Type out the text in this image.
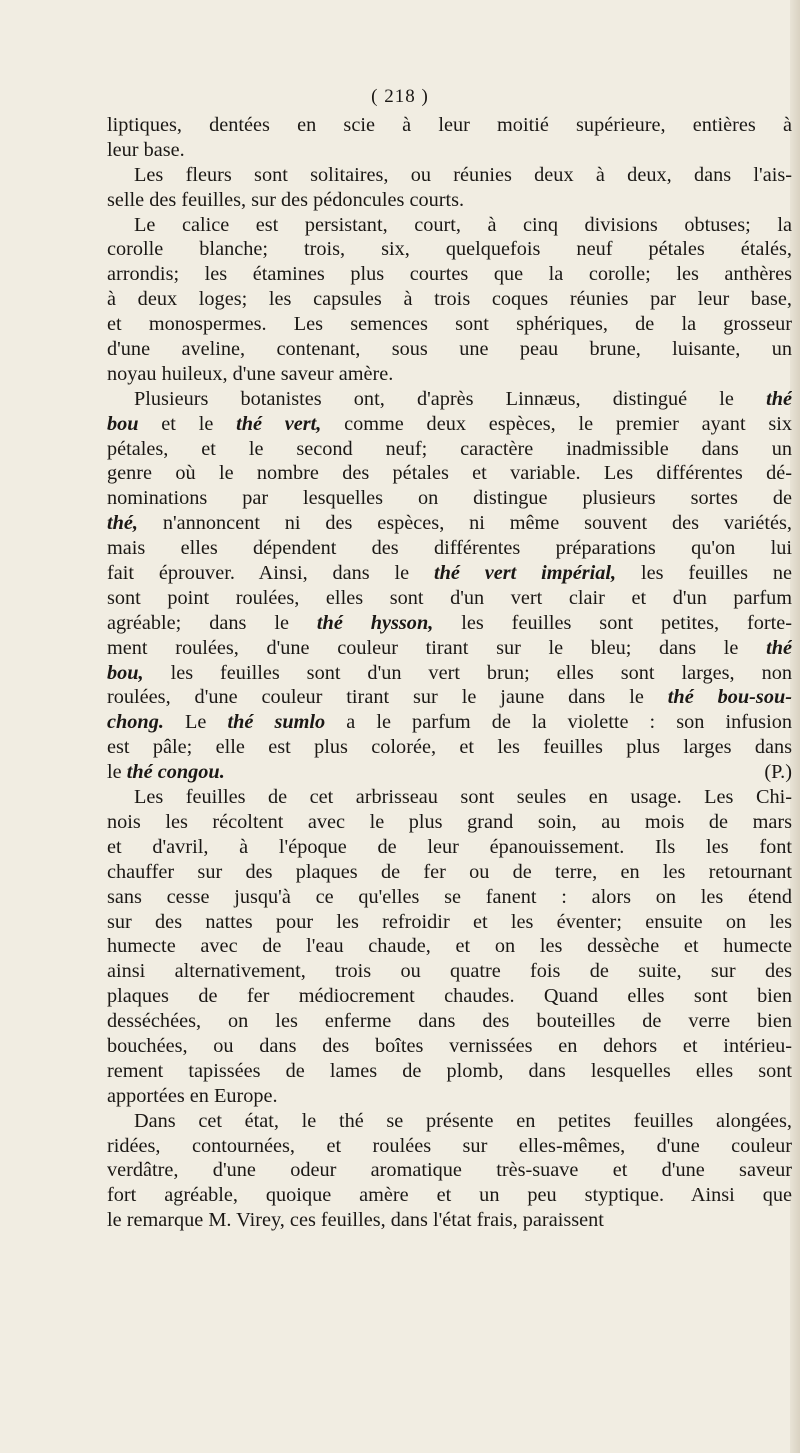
( 218 )
liptiques, dentées en scie à leur moitié supérieure, entières à
leur base.
Les fleurs sont solitaires, ou réunies deux à deux, dans l'ais-
selle des feuilles, sur des pédoncules courts.
Le calice est persistant, court, à cinq divisions obtuses; la
corolle blanche; trois, six, quelquefois neuf pétales étalés,
arrondis; les étamines plus courtes que la corolle; les anthères
à deux loges; les capsules à trois coques réunies par leur base,
et monospermes. Les semences sont sphériques, de la grosseur
d'une aveline, contenant, sous une peau brune, luisante, un
noyau huileux, d'une saveur amère.
Plusieurs botanistes ont, d'après Linnæus, distingué le thé
bou et le thé vert, comme deux espèces, le premier ayant six
pétales, et le second neuf; caractère inadmissible dans un
genre où le nombre des pétales et variable. Les différentes dé-
nominations par lesquelles on distingue plusieurs sortes de
thé, n'annoncent ni des espèces, ni même souvent des variétés,
mais elles dépendent des différentes préparations qu'on lui
fait éprouver. Ainsi, dans le thé vert impérial, les feuilles ne
sont point roulées, elles sont d'un vert clair et d'un parfum
agréable; dans le thé hysson, les feuilles sont petites, forte-
ment roulées, d'une couleur tirant sur le bleu; dans le thé
bou, les feuilles sont d'un vert brun; elles sont larges, non
roulées, d'une couleur tirant sur le jaune dans le thé bou-sou-
chong. Le thé sumlo a le parfum de la violette : son infusion
est pâle; elle est plus colorée, et les feuilles plus larges dans
le thé congou.	(P.)
Les feuilles de cet arbrisseau sont seules en usage. Les Chi-
nois les récoltent avec le plus grand soin, au mois de mars
et d'avril, à l'époque de leur épanouissement. Ils les font
chauffer sur des plaques de fer ou de terre, en les retournant
sans cesse jusqu'à ce qu'elles se fanent : alors on les étend
sur des nattes pour les refroidir et les éventer; ensuite on les
humecte avec de l'eau chaude, et on les dessèche et humecte
ainsi alternativement, trois ou quatre fois de suite, sur des
plaques de fer médiocrement chaudes. Quand elles sont bien
desséchées, on les enferme dans des bouteilles de verre bien
bouchées, ou dans des boîtes vernissées en dehors et intérieu-
rement tapissées de lames de plomb, dans lesquelles elles sont
apportées en Europe.
Dans cet état, le thé se présente en petites feuilles alongées,
ridées, contournées, et roulées sur elles-mêmes, d'une couleur
verdâtre, d'une odeur aromatique très-suave et d'une saveur
fort agréable, quoique amère et un peu styptique. Ainsi que
le remarque M. Virey, ces feuilles, dans l'état frais, paraissent
